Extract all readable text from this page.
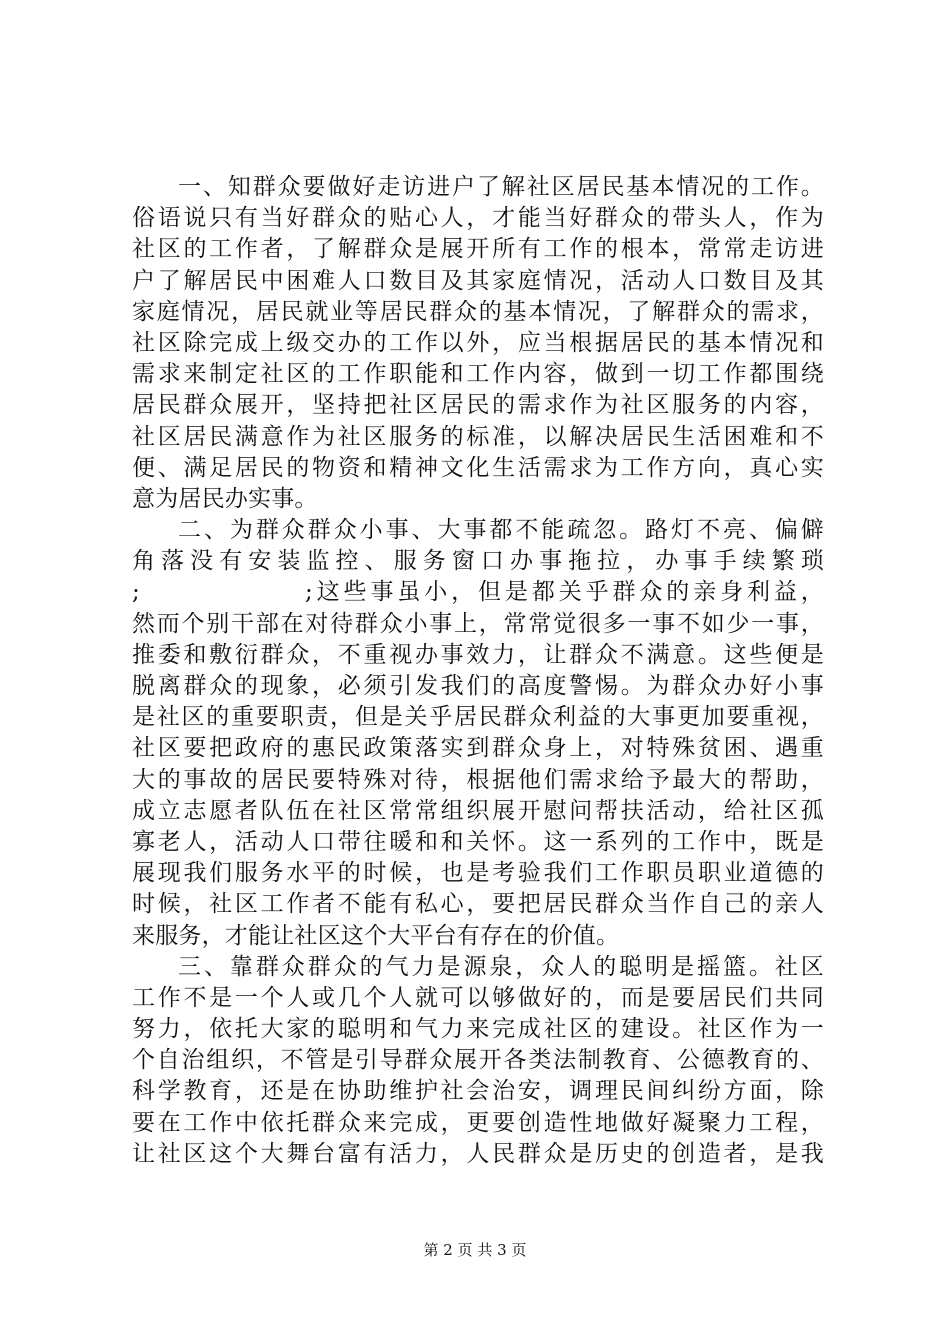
一、知群众要做好走访进户了解社区居民基本情况的工作。
俗语说只有当好群众的贴心人，才能当好群众的带头人，作为
社区的工作者，了解群众是展开所有工作的根本，常常走访进
户了解居民中困难人口数目及其家庭情况，活动人口数目及其
家庭情况，居民就业等居民群众的基本情况，了解群众的需求，
社区除完成上级交办的工作以外，应当根据居民的基本情况和
需求来制定社区的工作职能和工作内容，做到一切工作都围绕
居民群众展开，坚持把社区居民的需求作为社区服务的内容，
社区居民满意作为社区服务的标准，以解决居民生活困难和不
便、满足居民的物资和精神文化生活需求为工作方向，真心实
意为居民办实事。
二、为群众群众小事、大事都不能疏忽。路灯不亮、偏僻
角落没有安装监控、服务窗口办事拖拉，办事手续繁琐
;　　　　　　;这些事虽小，但是都关乎群众的亲身利益，
然而个别干部在对待群众小事上，常常觉很多一事不如少一事，
推委和敷衍群众，不重视办事效力，让群众不满意。这些便是
脱离群众的现象，必须引发我们的高度警惕。为群众办好小事
是社区的重要职责，但是关乎居民群众利益的大事更加要重视，
社区要把政府的惠民政策落实到群众身上，对特殊贫困、遇重
大的事故的居民要特殊对待，根据他们需求给予最大的帮助，
成立志愿者队伍在社区常常组织展开慰问帮扶活动，给社区孤
寡老人，活动人口带往暖和和关怀。这一系列的工作中，既是
展现我们服务水平的时候，也是考验我们工作职员职业道德的
时候，社区工作者不能有私心，要把居民群众当作自己的亲人
来服务，才能让社区这个大平台有存在的价值。
三、靠群众群众的气力是源泉，众人的聪明是摇篮。社区
工作不是一个人或几个人就可以够做好的，而是要居民们共同
努力，依托大家的聪明和气力来完成社区的建设。社区作为一
个自治组织，不管是引导群众展开各类法制教育、公德教育的、
科学教育，还是在协助维护社会治安，调理民间纠纷方面，除
要在工作中依托群众来完成，更要创造性地做好凝聚力工程，
让社区这个大舞台富有活力，人民群众是历史的创造者，是我
第 2 页 共 3 页
